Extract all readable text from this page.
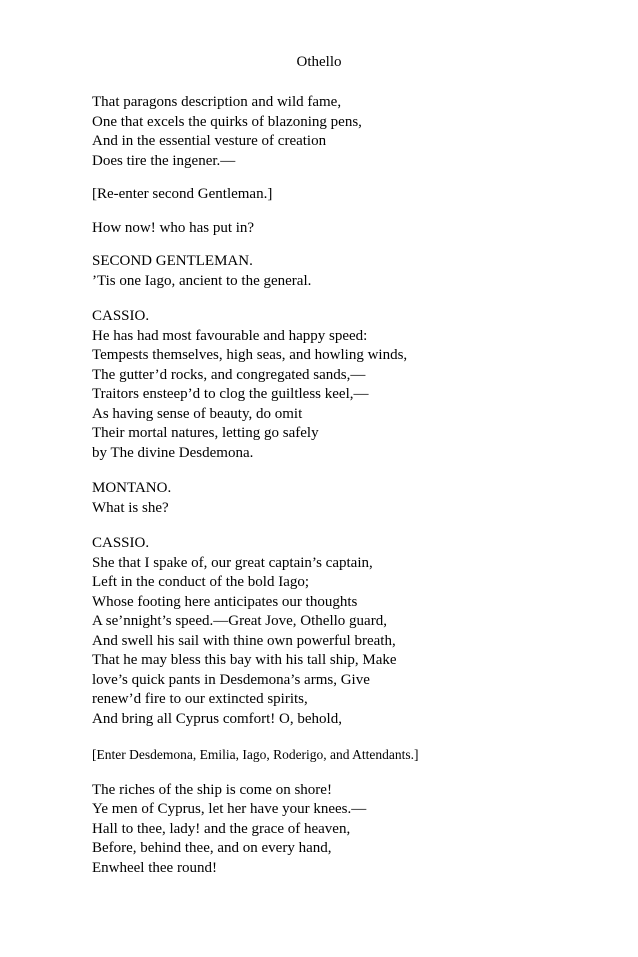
Othello

That paragons description and wild fame,
One that excels the quirks of blazoning pens,
And in the essential vesture of creation
Does tire the ingener.—

[Re-enter second Gentleman.]

How now! who has put in?

SECOND GENTLEMAN.
’Tis one Iago, ancient to the general.

CASSIO.
He has had most favourable and happy speed:
Tempests themselves, high seas, and howling winds,
The gutter’d rocks, and congregated sands,—
Traitors ensteep’d to clog the guiltless keel,—
As having sense of beauty, do omit
Their mortal natures, letting go safely
by The divine Desdemona.

MONTANO.
What is she?

CASSIO.
She that I spake of, our great captain’s captain,
Left in the conduct of the bold Iago;
Whose footing here anticipates our thoughts
A se’nnight’s speed.—Great Jove, Othello guard,
And swell his sail with thine own powerful breath,
That he may bless this bay with his tall ship, Make
love’s quick pants in Desdemona’s arms, Give
renew’d fire to our extincted spirits,
And bring all Cyprus comfort! O, behold,

[Enter Desdemona, Emilia, Iago, Roderigo, and Attendants.]

The riches of the ship is come on shore!
Ye men of Cyprus, let her have your knees.—
Hall to thee, lady! and the grace of heaven,
Before, behind thee, and on every hand,
Enwheel thee round!
